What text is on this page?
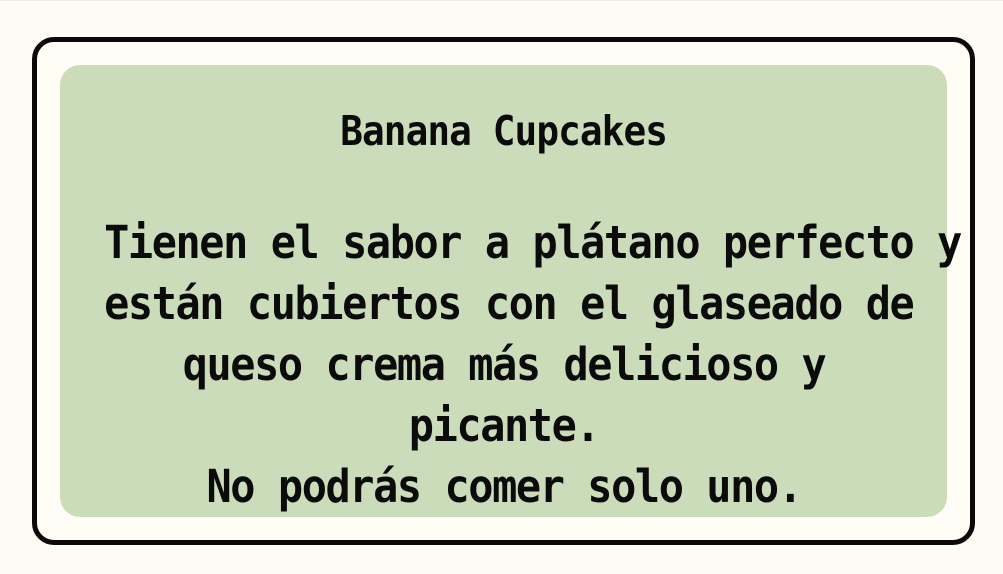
Banana Cupcakes

Tienen el sabor a plátano perfecto y
están cubiertos con el glaseado de
queso crema más delicioso y
picante.
No podrás comer solo uno.
